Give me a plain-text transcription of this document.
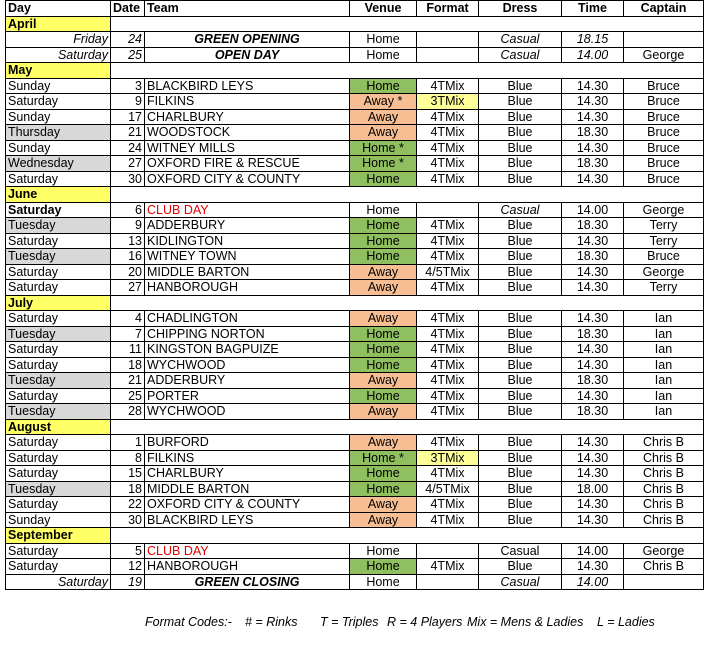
Day	Date	Team	Venue	Format	Dress	Time	Captain
April							
Friday	24	GREEN OPENING	Home		Casual	18.15	
Saturday	25	OPEN DAY	Home		Casual	14.00	George
May							
Sunday	3	BLACKBIRD LEYS	Home	4TMix	Blue	14.30	Bruce
Saturday	9	FILKINS	Away *	3TMix	Blue	14.30	Bruce
Sunday	17	CHARLBURY	Away	4TMix	Blue	14.30	Bruce
Thursday	21	WOODSTOCK	Away	4TMix	Blue	18.30	Bruce
Sunday	24	WITNEY MILLS	Home *	4TMix	Blue	14.30	Bruce
Wednesday	27	OXFORD FIRE & RESCUE	Home *	4TMix	Blue	18.30	Bruce
Saturday	30	OXFORD CITY & COUNTY	Home	4TMix	Blue	14.30	Bruce
June							
Saturday	6	CLUB DAY	Home		Casual	14.00	George
Tuesday	9	ADDERBURY	Home	4TMix	Blue	18.30	Terry
Saturday	13	KIDLINGTON	Home	4TMix	Blue	14.30	Terry
Tuesday	16	WITNEY TOWN	Home	4TMix	Blue	18.30	Bruce
Saturday	20	MIDDLE BARTON	Away	4/5TMix	Blue	14.30	George
Saturday	27	HANBOROUGH	Away	4TMix	Blue	14.30	Terry
July							
Saturday	4	CHADLINGTON	Away	4TMix	Blue	14.30	Ian
Tuesday	7	CHIPPING NORTON	Home	4TMix	Blue	18.30	Ian
Saturday	11	KINGSTON BAGPUIZE	Home	4TMix	Blue	14.30	Ian
Saturday	18	WYCHWOOD	Home	4TMix	Blue	14.30	Ian
Tuesday	21	ADDERBURY	Away	4TMix	Blue	18.30	Ian
Saturday	25	PORTER	Home	4TMix	Blue	14.30	Ian
Tuesday	28	WYCHWOOD	Away	4TMix	Blue	18.30	Ian
August							
Saturday	1	BURFORD	Away	4TMix	Blue	14.30	Chris B
Saturday	8	FILKINS	Home *	3TMix	Blue	14.30	Chris B
Saturday	15	CHARLBURY	Home	4TMix	Blue	14.30	Chris B
Tuesday	18	MIDDLE BARTON	Home	4/5TMix	Blue	18.00	Chris B
Saturday	22	OXFORD CITY & COUNTY	Away	4TMix	Blue	14.30	Chris B
Sunday	30	BLACKBIRD LEYS	Away	4TMix	Blue	14.30	Chris B
September							
Saturday	5	CLUB DAY	Home		Casual	14.00	George
Saturday	12	HANBOROUGH	Home	4TMix	Blue	14.30	Chris B
Saturday	19	GREEN CLOSING	Home		Casual	14.00	
Format Codes:- # = Rinks T = Triples R = 4 Players Mix = Mens & Ladies L = Ladies
